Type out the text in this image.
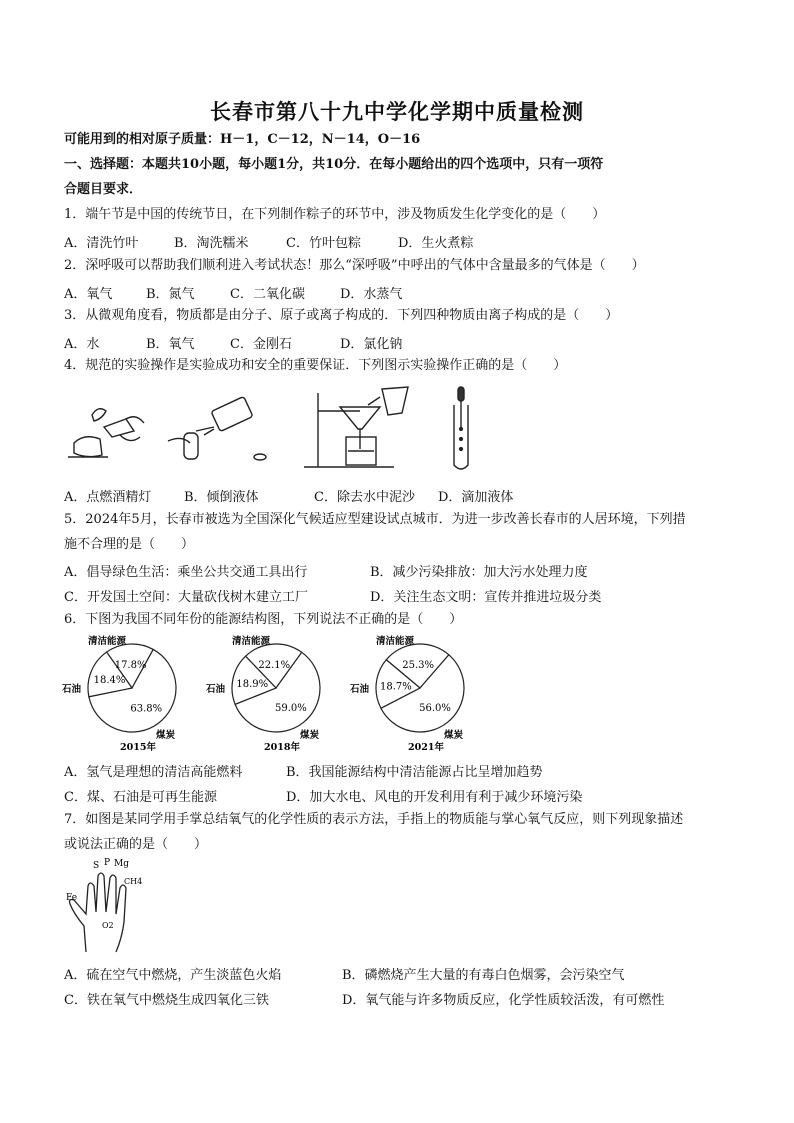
长春市第八十九中学化学期中质量检测
可能用到的相对原子质量：H－1，C－12，N－14，O－16
一、选择题：本题共10小题，每小题1分，共10分．在每小题给出的四个选项中，只有一项符
合题目要求．
1．端午节是中国的传统节日，在下列制作粽子的环节中，涉及物质发生化学变化的是（　　）
A．清洗竹叶	B．淘洗糯米	C．竹叶包粽	D．生火煮粽
2．深呼吸可以帮助我们顺利进入考试状态！那么“深呼吸”中呼出的气体中含量最多的气体是（　　）
A．氧气	B．氮气	C．二氧化碳	D．水蒸气
3．从微观角度看，物质都是由分子、原子或离子构成的．下列四种物质由离子构成的是（　　）
A．水	B．氧气	C．金刚石	D．氯化钠
4．规范的实验操作是实验成功和安全的重要保证．下列图示实验操作正确的是（　　）
A．点燃酒精灯	B．倾倒液体	C．除去水中泥沙 D．滴加液体
5．2024年5月，长春市被选为全国深化气候适应型建设试点城市．为进一步改善长春市的人居环境，下列措
施不合理的是（　　）
A．倡导绿色生活：乘坐公共交通工具出行	B．减少污染排放：加大污水处理力度
C．开发国土空间：大量砍伐树木建立工厂	D．关注生态文明：宣传并推进垃圾分类
6．下图为我国不同年份的能源结构图，下列说法不正确的是（　　）
17.8%
63.8%
18.4%
清洁能源
石油
煤炭
2015年
22.1%
59.0%
18.9%
清洁能源
石油
煤炭
2018年
25.3%
56.0%
18.7%
清洁能源
石油
煤炭
2021年
A．氢气是理想的清洁高能燃料	B．我国能源结构中清洁能源占比呈增加趋势
C．煤、石油是可再生能源	D．加大水电、风电的开发利用有利于减少环境污染
7．如图是某同学用手掌总结氧气的化学性质的表示方法，手指上的物质能与掌心氧气反应，则下列现象描述
或说法正确的是（　　）
S P Mg
CH4
Fe
O2
A．硫在空气中燃烧，产生淡蓝色火焰	B．磷燃烧产生大量的有毒白色烟雾，会污染空气
C．铁在氧气中燃烧生成四氧化三铁	D．氧气能与许多物质反应，化学性质较活泼，有可燃性
